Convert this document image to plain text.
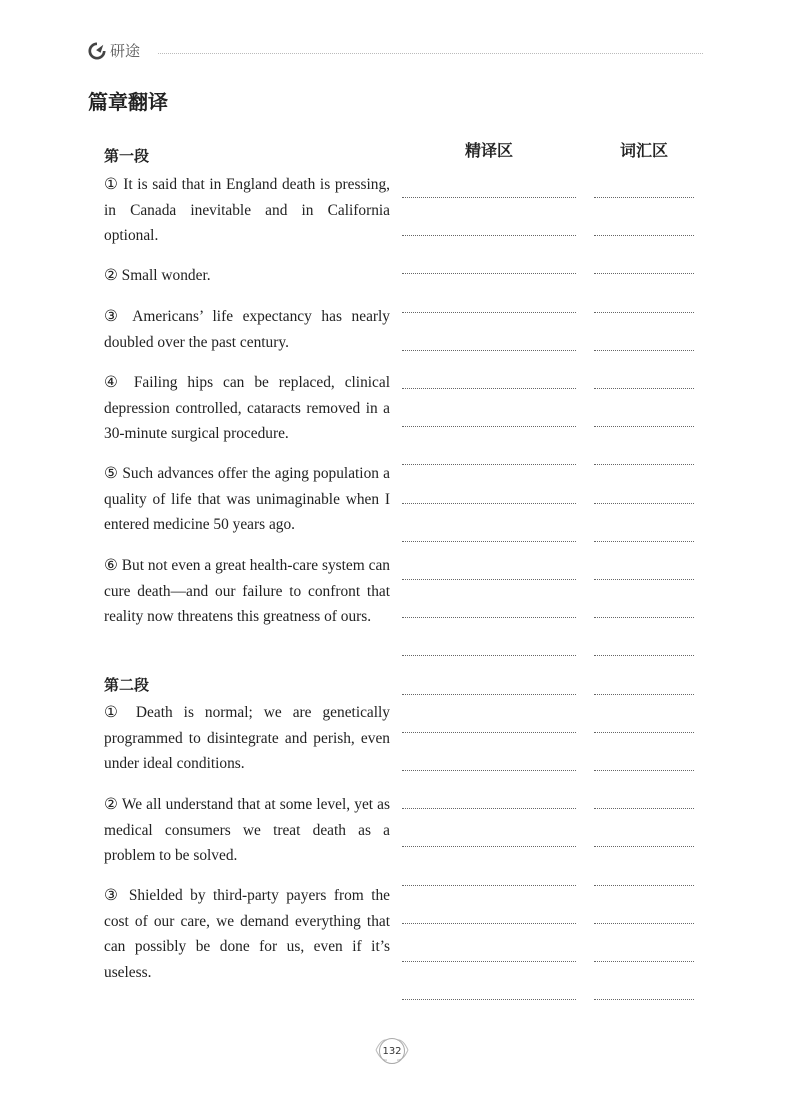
研途
篇章翻译
精译区	词汇区
第一段
① It is said that in England death is pressing, in Canada inevitable and in California optional.
② Small wonder.
③ Americans’ life expectancy has nearly doubled over the past century.
④ Failing hips can be replaced, clinical depression controlled, cataracts removed in a 30-minute surgical procedure.
⑤ Such advances offer the aging population a quality of life that was unimaginable when I entered medicine 50 years ago.
⑥ But not even a great health-care system can cure death—and our failure to confront that reality now threatens this greatness of ours.
第二段
① Death is normal; we are genetically programmed to disintegrate and perish, even under ideal conditions.
② We all understand that at some level, yet as medical consumers we treat death as a problem to be solved.
③ Shielded by third-party payers from the cost of our care, we demand everything that can possibly be done for us, even if it’s useless.
132
